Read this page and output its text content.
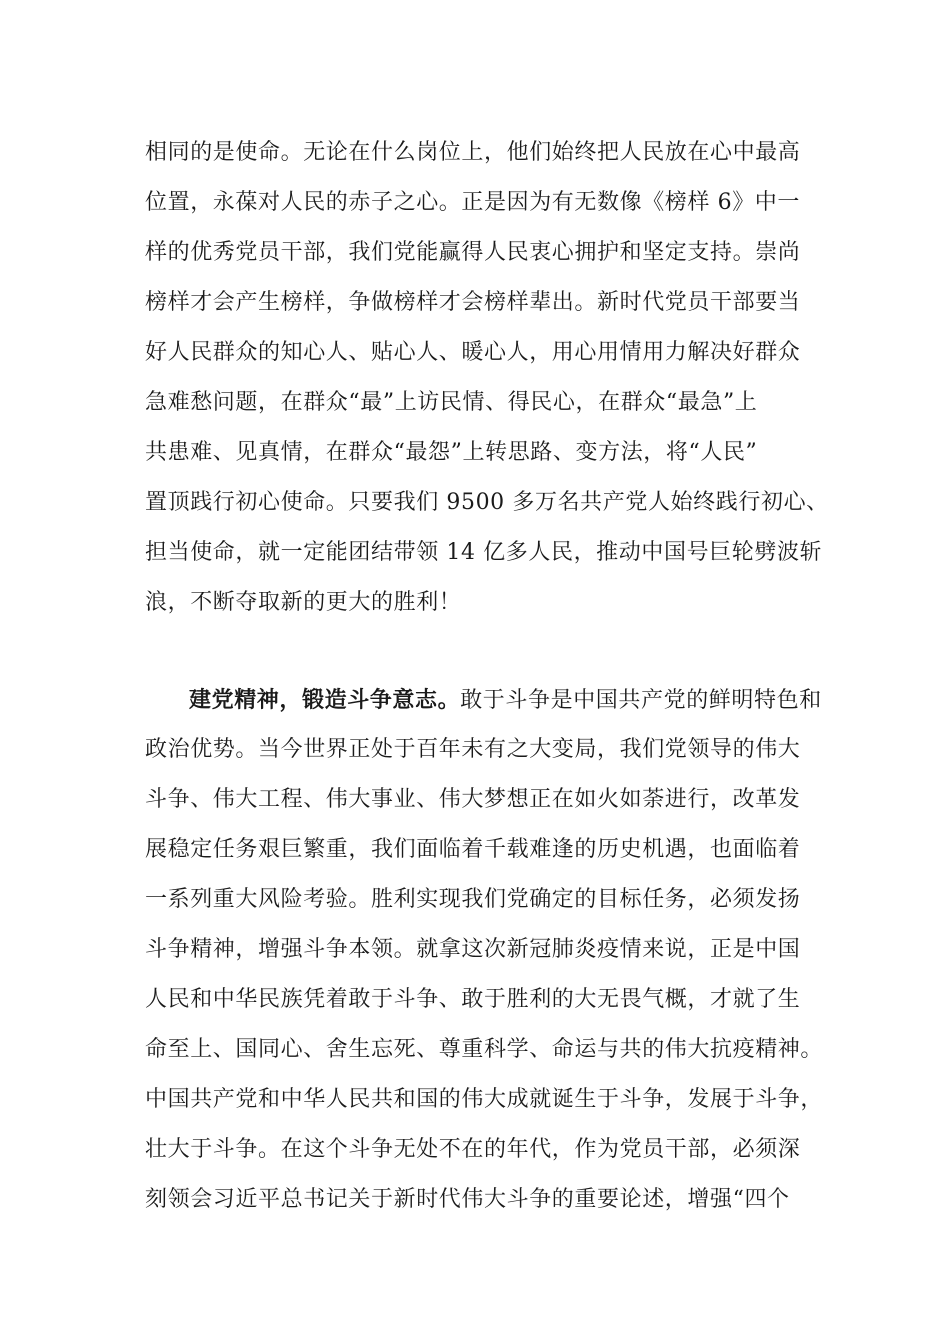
相同的是使命。无论在什么岗位上，他们始终把人民放在心中最高
位置，永葆对人民的赤子之心。正是因为有无数像《榜样 6》中一
样的优秀党员干部，我们党能赢得人民衷心拥护和坚定支持。崇尚
榜样才会产生榜样，争做榜样才会榜样辈出。新时代党员干部要当
好人民群众的知心人、贴心人、暖心人，用心用情用力解决好群众
急难愁问题，在群众“最”上访民情、得民心，在群众“最急”上
共患难、见真情，在群众“最怨”上转思路、变方法，将“人民”
置顶践行初心使命。只要我们 9500 多万名共产党人始终践行初心、
担当使命，就一定能团结带领 14 亿多人民，推动中国号巨轮劈波斩
浪，不断夺取新的更大的胜利！
建党精神，锻造斗争意志。敢于斗争是中国共产党的鲜明特色和
政治优势。当今世界正处于百年未有之大变局，我们党领导的伟大
斗争、伟大工程、伟大事业、伟大梦想正在如火如荼进行，改革发
展稳定任务艰巨繁重，我们面临着千载难逢的历史机遇，也面临着
一系列重大风险考验。胜利实现我们党确定的目标任务，必须发扬
斗争精神，增强斗争本领。就拿这次新冠肺炎疫情来说，正是中国
人民和中华民族凭着敢于斗争、敢于胜利的大无畏气概，才就了生
命至上、国同心、舍生忘死、尊重科学、命运与共的伟大抗疫精神。
中国共产党和中华人民共和国的伟大成就诞生于斗争，发展于斗争，
壮大于斗争。在这个斗争无处不在的年代，作为党员干部，必须深
刻领会习近平总书记关于新时代伟大斗争的重要论述，增强“四个
